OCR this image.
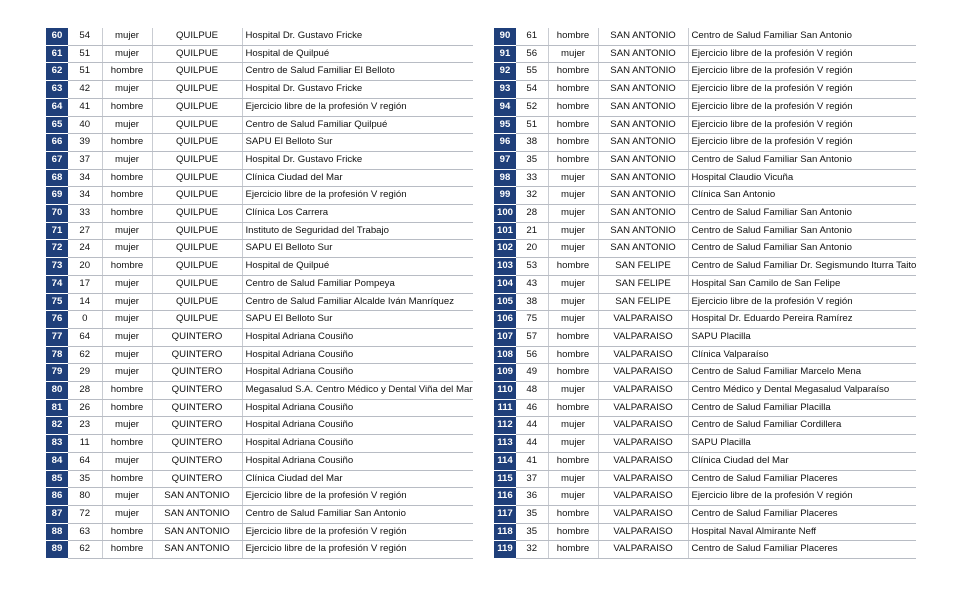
60	54	mujer	QUILPUE	Hospital Dr. Gustavo Fricke
61	51	mujer	QUILPUE	Hospital de Quilpué
62	51	hombre	QUILPUE	Centro de Salud Familiar El Belloto
63	42	mujer	QUILPUE	Hospital Dr. Gustavo Fricke
64	41	hombre	QUILPUE	Ejercicio libre de la profesión V región
65	40	mujer	QUILPUE	Centro de Salud Familiar Quilpué
66	39	hombre	QUILPUE	SAPU El Belloto Sur
67	37	mujer	QUILPUE	Hospital Dr. Gustavo Fricke
68	34	hombre	QUILPUE	Clínica Ciudad del Mar
69	34	hombre	QUILPUE	Ejercicio libre de la profesión V región
70	33	hombre	QUILPUE	Clínica Los Carrera
71	27	mujer	QUILPUE	Instituto de Seguridad del Trabajo
72	24	mujer	QUILPUE	SAPU El Belloto Sur
73	20	hombre	QUILPUE	Hospital de Quilpué
74	17	mujer	QUILPUE	Centro de Salud Familiar Pompeya
75	14	mujer	QUILPUE	Centro de Salud Familiar Alcalde Iván Manríquez
76	0	mujer	QUILPUE	SAPU El Belloto Sur
77	64	mujer	QUINTERO	Hospital Adriana Cousiño
78	62	mujer	QUINTERO	Hospital Adriana Cousiño
79	29	mujer	QUINTERO	Hospital Adriana Cousiño
80	28	hombre	QUINTERO	Megasalud S.A. Centro Médico y Dental Viña del Mar
81	26	hombre	QUINTERO	Hospital Adriana Cousiño
82	23	mujer	QUINTERO	Hospital Adriana Cousiño
83	11	hombre	QUINTERO	Hospital Adriana Cousiño
84	64	mujer	QUINTERO	Hospital Adriana Cousiño
85	35	hombre	QUINTERO	Clínica Ciudad del Mar
86	80	mujer	SAN ANTONIO	Ejercicio libre de la profesión V región
87	72	mujer	SAN ANTONIO	Centro de Salud Familiar San Antonio
88	63	hombre	SAN ANTONIO	Ejercicio libre de la profesión V región
89	62	hombre	SAN ANTONIO	Ejercicio libre de la profesión V región
90	61	hombre	SAN ANTONIO	Centro de Salud Familiar San Antonio
91	56	mujer	SAN ANTONIO	Ejercicio libre de la profesión V región
92	55	hombre	SAN ANTONIO	Ejercicio libre de la profesión V región
93	54	hombre	SAN ANTONIO	Ejercicio libre de la profesión V región
94	52	hombre	SAN ANTONIO	Ejercicio libre de la profesión V región
95	51	hombre	SAN ANTONIO	Ejercicio libre de la profesión V región
96	38	hombre	SAN ANTONIO	Ejercicio libre de la profesión V región
97	35	hombre	SAN ANTONIO	Centro de Salud Familiar San Antonio
98	33	mujer	SAN ANTONIO	Hospital Claudio Vicuña
99	32	mujer	SAN ANTONIO	Clínica San Antonio
100	28	mujer	SAN ANTONIO	Centro de Salud Familiar San Antonio
101	21	mujer	SAN ANTONIO	Centro de Salud Familiar San Antonio
102	20	mujer	SAN ANTONIO	Centro de Salud Familiar San Antonio
103	53	hombre	SAN FELIPE	Centro de Salud Familiar Dr. Segismundo Iturra Taito
104	43	mujer	SAN FELIPE	Hospital San Camilo de San Felipe
105	38	mujer	SAN FELIPE	Ejercicio libre de la profesión V región
106	75	mujer	VALPARAISO	Hospital Dr. Eduardo Pereira Ramírez
107	57	hombre	VALPARAISO	SAPU Placilla
108	56	hombre	VALPARAISO	Clínica Valparaíso
109	49	hombre	VALPARAISO	Centro de Salud Familiar Marcelo Mena
110	48	mujer	VALPARAISO	Centro Médico y Dental Megasalud Valparaíso
111	46	hombre	VALPARAISO	Centro de Salud Familiar Placilla
112	44	mujer	VALPARAISO	Centro de Salud Familiar Cordillera
113	44	mujer	VALPARAISO	SAPU Placilla
114	41	hombre	VALPARAISO	Clínica Ciudad del Mar
115	37	mujer	VALPARAISO	Centro de Salud Familiar Placeres
116	36	mujer	VALPARAISO	Ejercicio libre de la profesión V región
117	35	hombre	VALPARAISO	Centro de Salud Familiar Placeres
118	35	hombre	VALPARAISO	Hospital Naval Almirante Neff
119	32	hombre	VALPARAISO	Centro de Salud Familiar Placeres
